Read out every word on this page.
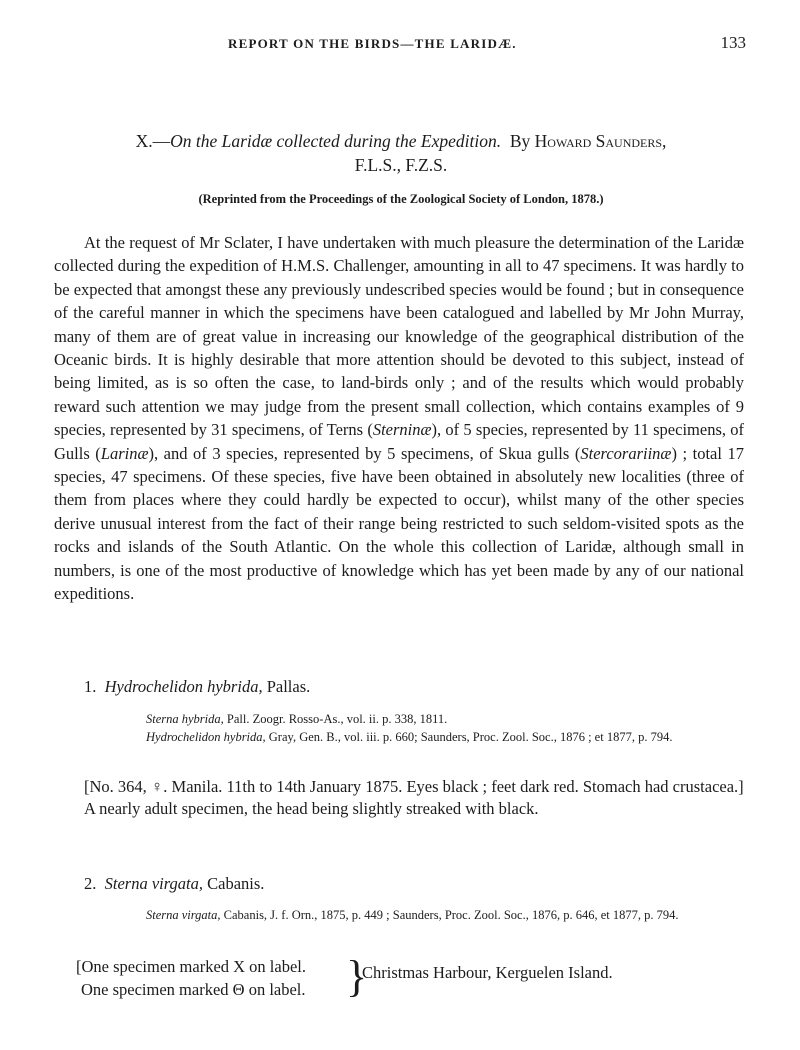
REPORT ON THE BIRDS—THE LARIDÆ.	133
X.—On the Laridæ collected during the Expedition. By Howard Saunders,
F.L.S., F.Z.S.
(Reprinted from the Proceedings of the Zoological Society of London, 1878.)

At the request of Mr Sclater, I have undertaken with much pleasure the determination of the Laridæ collected during the expedition of H.M.S. Challenger, amounting in all to 47 specimens. It was hardly to be expected that amongst these any previously undescribed species would be found ; but in consequence of the careful manner in which the specimens have been catalogued and labelled by Mr John Murray, many of them are of great value in increasing our knowledge of the geographical distribution of the Oceanic birds. It is highly desirable that more attention should be devoted to this subject, instead of being limited, as is so often the case, to land-birds only ; and of the results which would probably reward such attention we may judge from the present small collection, which contains examples of 9 species, represented by 31 specimens, of Terns (Sterninæ), of 5 species, represented by 11 specimens, of Gulls (Larinæ), and of 3 species, represented by 5 specimens, of Skua gulls (Stercorariinæ) ; total 17 species, 47 specimens. Of these species, five have been obtained in absolutely new localities (three of them from places where they could hardly be expected to occur), whilst many of the other species derive unusual interest from the fact of their range being restricted to such seldom-visited spots as the rocks and islands of the South Atlantic. On the whole this collection of Laridæ, although small in numbers, is one of the most productive of knowledge which has yet been made by any of our national expeditions.

1. Hydrochelidon hybrida, Pallas.
Sterna hybrida, Pall. Zoogr. Rosso-As., vol. ii. p. 338, 1811.
Hydrochelidon hybrida, Gray, Gen. B., vol. iii. p. 660; Saunders, Proc. Zool. Soc., 1876 ; et 1877, p. 794.
[No. 364, ♀. Manila. 11th to 14th January 1875. Eyes black ; feet dark red. Stomach had crustacea.]
A nearly adult specimen, the head being slightly streaked with black.
2. Sterna virgata, Cabanis.
Sterna virgata, Cabanis, J. f. Orn., 1875, p. 449 ; Saunders, Proc. Zool. Soc., 1876, p. 646, et 1877, p. 794.
[One specimen marked X on label.
One specimen marked Θ on label. }
Christmas Harbour, Kerguelen Island.
